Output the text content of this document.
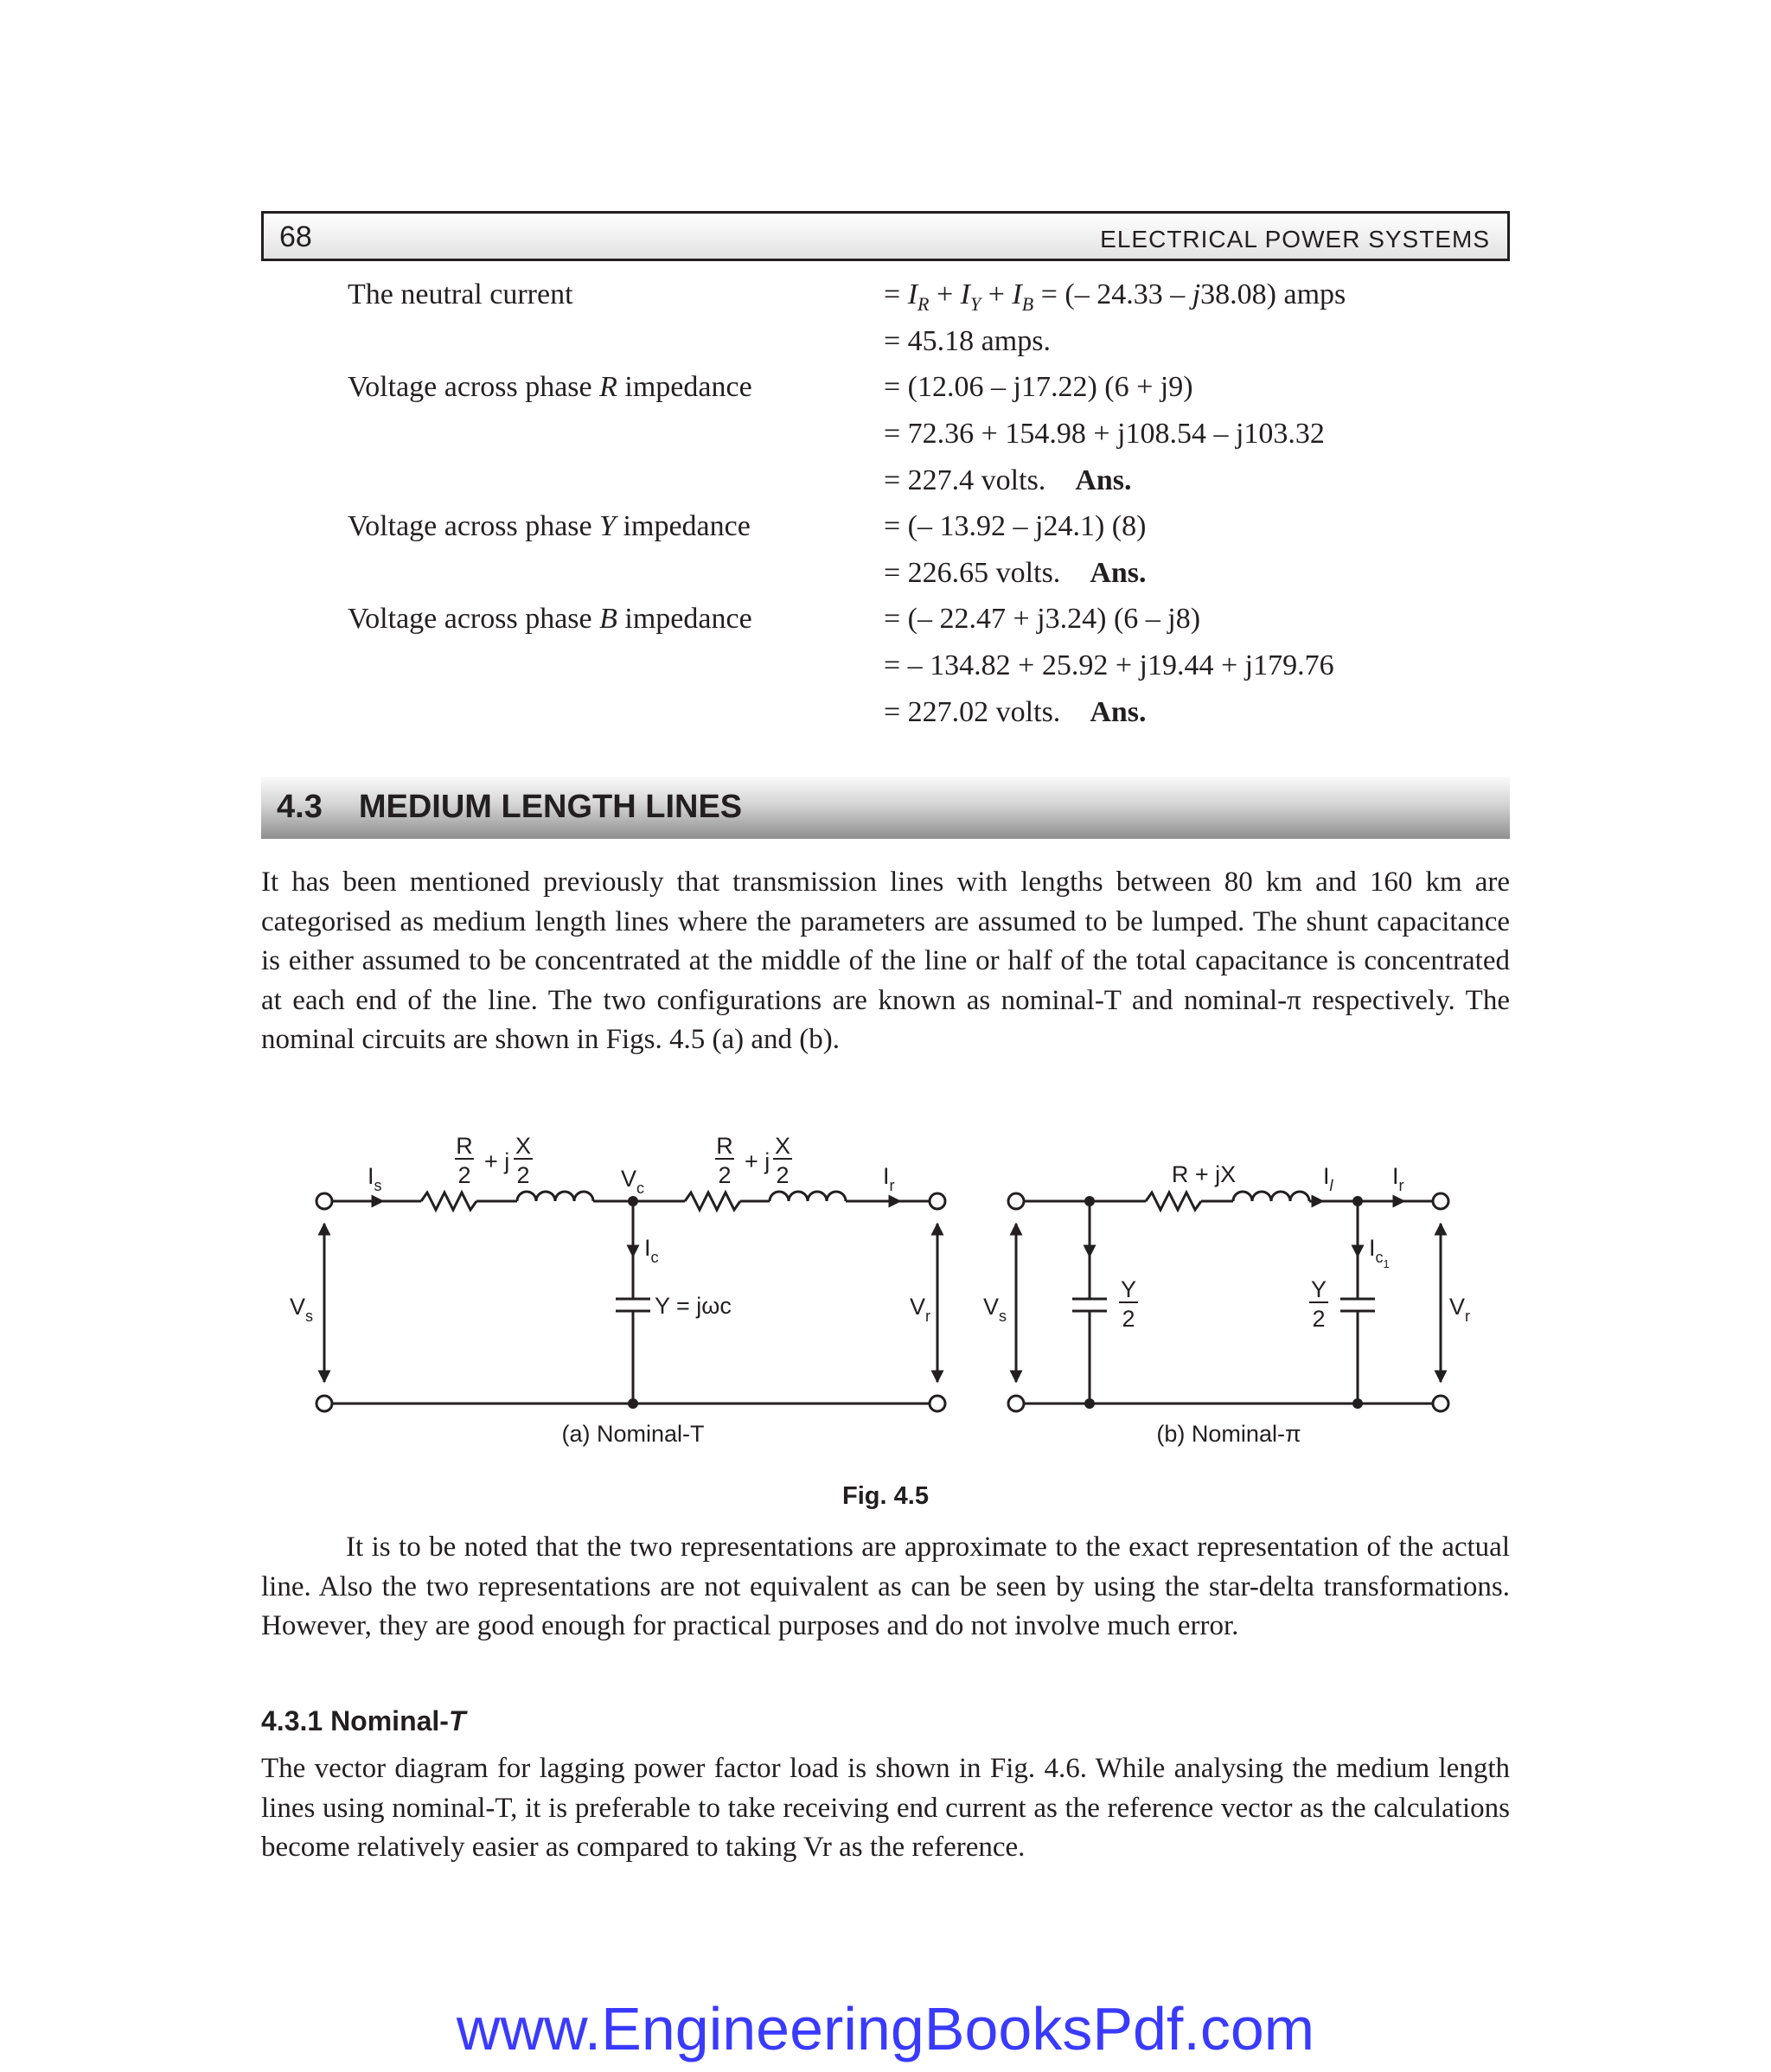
68	ELECTRICAL POWER SYSTEMS
The neutral current	= $I_R + I_Y + I_B$ = (– 24.33 – j38.08) amps
= 45.18 amps.
Voltage across phase R impedance	= (12.06 – j17.22) (6 + j9)
= 72.36 + 154.98 + j108.54 – j103.32
= 227.4 volts. Ans.
Voltage across phase Y impedance	= (– 13.92 – j24.1) (8)
= 226.65 volts. Ans.
Voltage across phase B impedance	= (– 22.47 + j3.24) (6 – j8)
= – 134.82 + 25.92 + j19.44 + j179.76
= 227.02 volts. Ans.
4.3 MEDIUM LENGTH LINES
It has been mentioned previously that transmission lines with lengths between 80 km and 160 km are categorised as medium length lines where the parameters are assumed to be lumped. The shunt capacitance is either assumed to be concentrated at the middle of the line or half of the total capacitance is concentrated at each end of the line. The two configurations are known as nominal-T and nominal-π respectively. The nominal circuits are shown in Figs. 4.5 (a) and (b).
R
2
+ j
X
2
R
2
+ j
X
2
$I_s$	$V_c$	$I_r$
$I_c$
Y = jωc
$V_s$	$V_r$
R + jX	$I_l$	$I_r$
$I_{c1}$
Y
2
Y
2
$V_s$	$V_r$
(a) Nominal-T	(b) Nominal-π
Fig. 4.5
It is to be noted that the two representations are approximate to the exact representation of the actual line. Also the two representations are not equivalent as can be seen by using the star-delta transformations. However, they are good enough for practical purposes and do not involve much error.
4.3.1 Nominal-T
The vector diagram for lagging power factor load is shown in Fig. 4.6. While analysing the medium length lines using nominal-T, it is preferable to take receiving end current as the reference vector as the calculations become relatively easier as compared to taking Vr as the reference.
www.EngineeringBooksPdf.com
